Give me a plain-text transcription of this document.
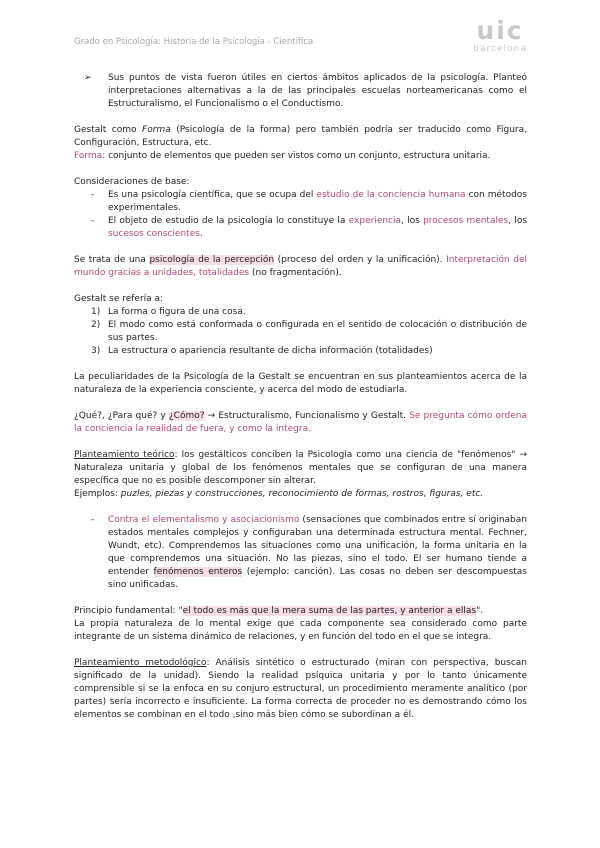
Grado en Psicología: Historia de la Psicología - Científica	uic
barcelona
➢	Sus puntos de vista fueron útiles en ciertos ámbitos aplicados de la psicología. Planteó interpretaciones alternativas a la de las principales escuelas norteamericanas como el Estructuralismo, el Funcionalismo o el Conductismo.

Gestalt como Forma (Psicología de la forma) pero también podría ser traducido como Figura, Configuración, Estructura, etc.

Forma: conjunto de elementos que pueden ser vistos como un conjunto, estructura unitaria.

Consideraciones de base:

-	Es una psicología científica, que se ocupa del estudio de la conciencia humana con métodos experimentales.
-	El objeto de estudio de la psicología lo constituye la experiencia, los procesos mentales, los sucesos conscientes.

Se trata de una psicología de la percepción (proceso del orden y la unificación). Interpretación del mundo gracias a unidades, totalidades (no fragmentación).

Gestalt se refería a:

1) La forma o figura de una cosa.
2) El modo como está conformada o configurada en el sentido de colocación o distribución de sus partes.
3) La estructura o apariencia resultante de dicha información (totalidades)

La peculiaridades de la Psicología de la Gestalt se encuentran en sus planteamientos acerca de la naturaleza de la experiencia consciente, y acerca del modo de estudiarla.

¿Qué?, ¿Para qué? y ¿Cómo? → Estructuralismo, Funcionalismo y Gestalt. Se pregunta cómo ordena la conciencia la realidad de fuera, y como la integra.

Planteamiento teórico: los gestálticos conciben la Psicología como una ciencia de "fenómenos" → Naturaleza unitaria y global de los fenómenos mentales que se configuran de una manera específica que no es posible descomponer sin alterar.

Ejemplos: puzles, piezas y construcciones, reconocimiento de formas, rostros, figuras, etc.

-	Contra el elementalismo y asociacionismo (sensaciones que combinados entre sí originaban estados mentales complejos y configuraban una determinada estructura mental. Fechner, Wundt, etc). Comprendemos las situaciones como una unificación, la forma unitaria en la que comprendemos una situación. No las piezas, sino el todo. El ser humano tiende a entender fenómenos enteros (ejemplo: canción). Las cosas no deben ser descompuestas sino unificadas.

Principio fundamental: "el todo es más que la mera suma de las partes, y anterior a ellas".

La propia naturaleza de lo mental exige que cada componente sea considerado como parte integrante de un sistema dinámico de relaciones, y en función del todo en el que se integra.

Planteamiento metodológico: Análisis sintético o estructurado (miran con perspectiva, buscan significado de la unidad). Siendo la realidad psíquica unitaria y por lo tanto únicamente comprensible si se la enfoca en su conjuro estructural, un procedimiento meramente analítico (por partes) sería incorrecto e insuficiente. La forma correcta de proceder no es demostrando cómo los elementos se combinan en el todo ,sino más bien cómo se subordinan a él.
